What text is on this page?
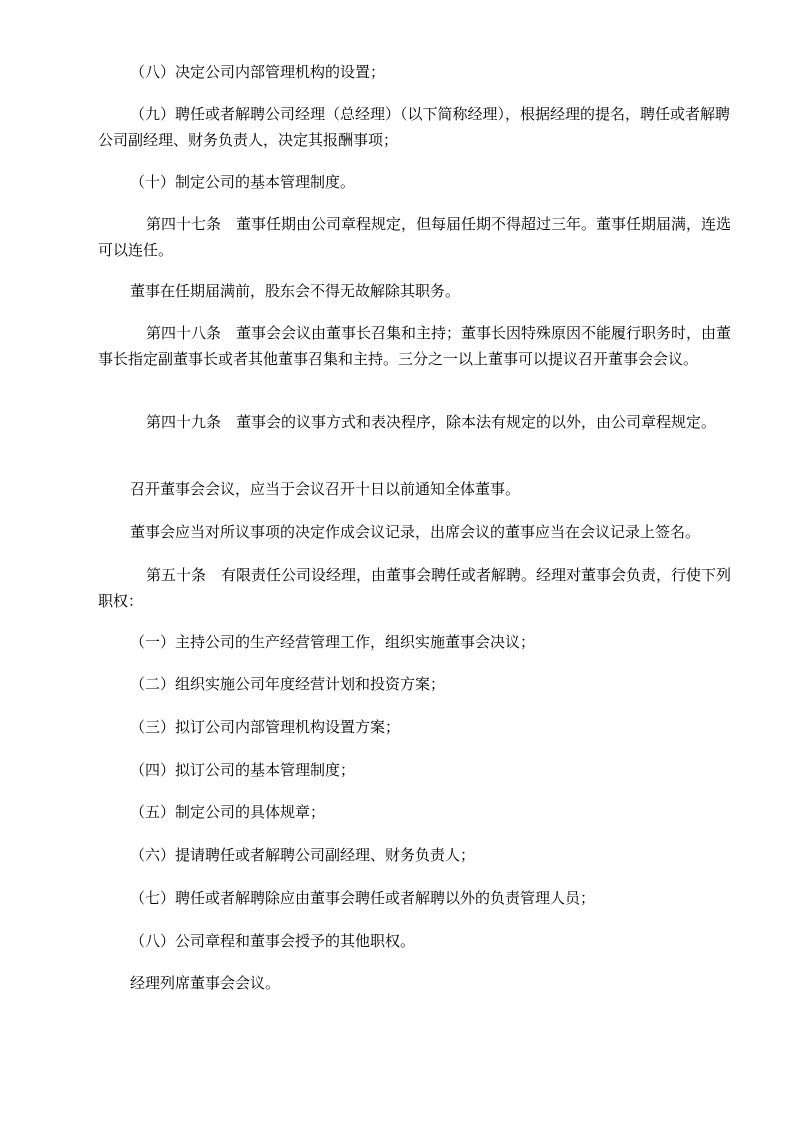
（八）决定公司内部管理机构的设置；

（九）聘任或者解聘公司经理（总经理）（以下简称经理），根据经理的提名，聘任或者解聘公司副经理、财务负责人，决定其报酬事项；

（十）制定公司的基本管理制度。

第四十七条　董事任期由公司章程规定，但每届任期不得超过三年。董事任期届满，连选可以连任。

董事在任期届满前，股东会不得无故解除其职务。

第四十八条　董事会会议由董事长召集和主持；董事长因特殊原因不能履行职务时，由董事长指定副董事长或者其他董事召集和主持。三分之一以上董事可以提议召开董事会会议。

第四十九条　董事会的议事方式和表决程序，除本法有规定的以外，由公司章程规定。

召开董事会会议，应当于会议召开十日以前通知全体董事。

董事会应当对所议事项的决定作成会议记录，出席会议的董事应当在会议记录上签名。

第五十条　有限责任公司设经理，由董事会聘任或者解聘。经理对董事会负责，行使下列职权：

（一）主持公司的生产经营管理工作，组织实施董事会决议；

（二）组织实施公司年度经营计划和投资方案；

（三）拟订公司内部管理机构设置方案；

（四）拟订公司的基本管理制度；

（五）制定公司的具体规章；

（六）提请聘任或者解聘公司副经理、财务负责人；

（七）聘任或者解聘除应由董事会聘任或者解聘以外的负责管理人员；

（八）公司章程和董事会授予的其他职权。

经理列席董事会会议。
